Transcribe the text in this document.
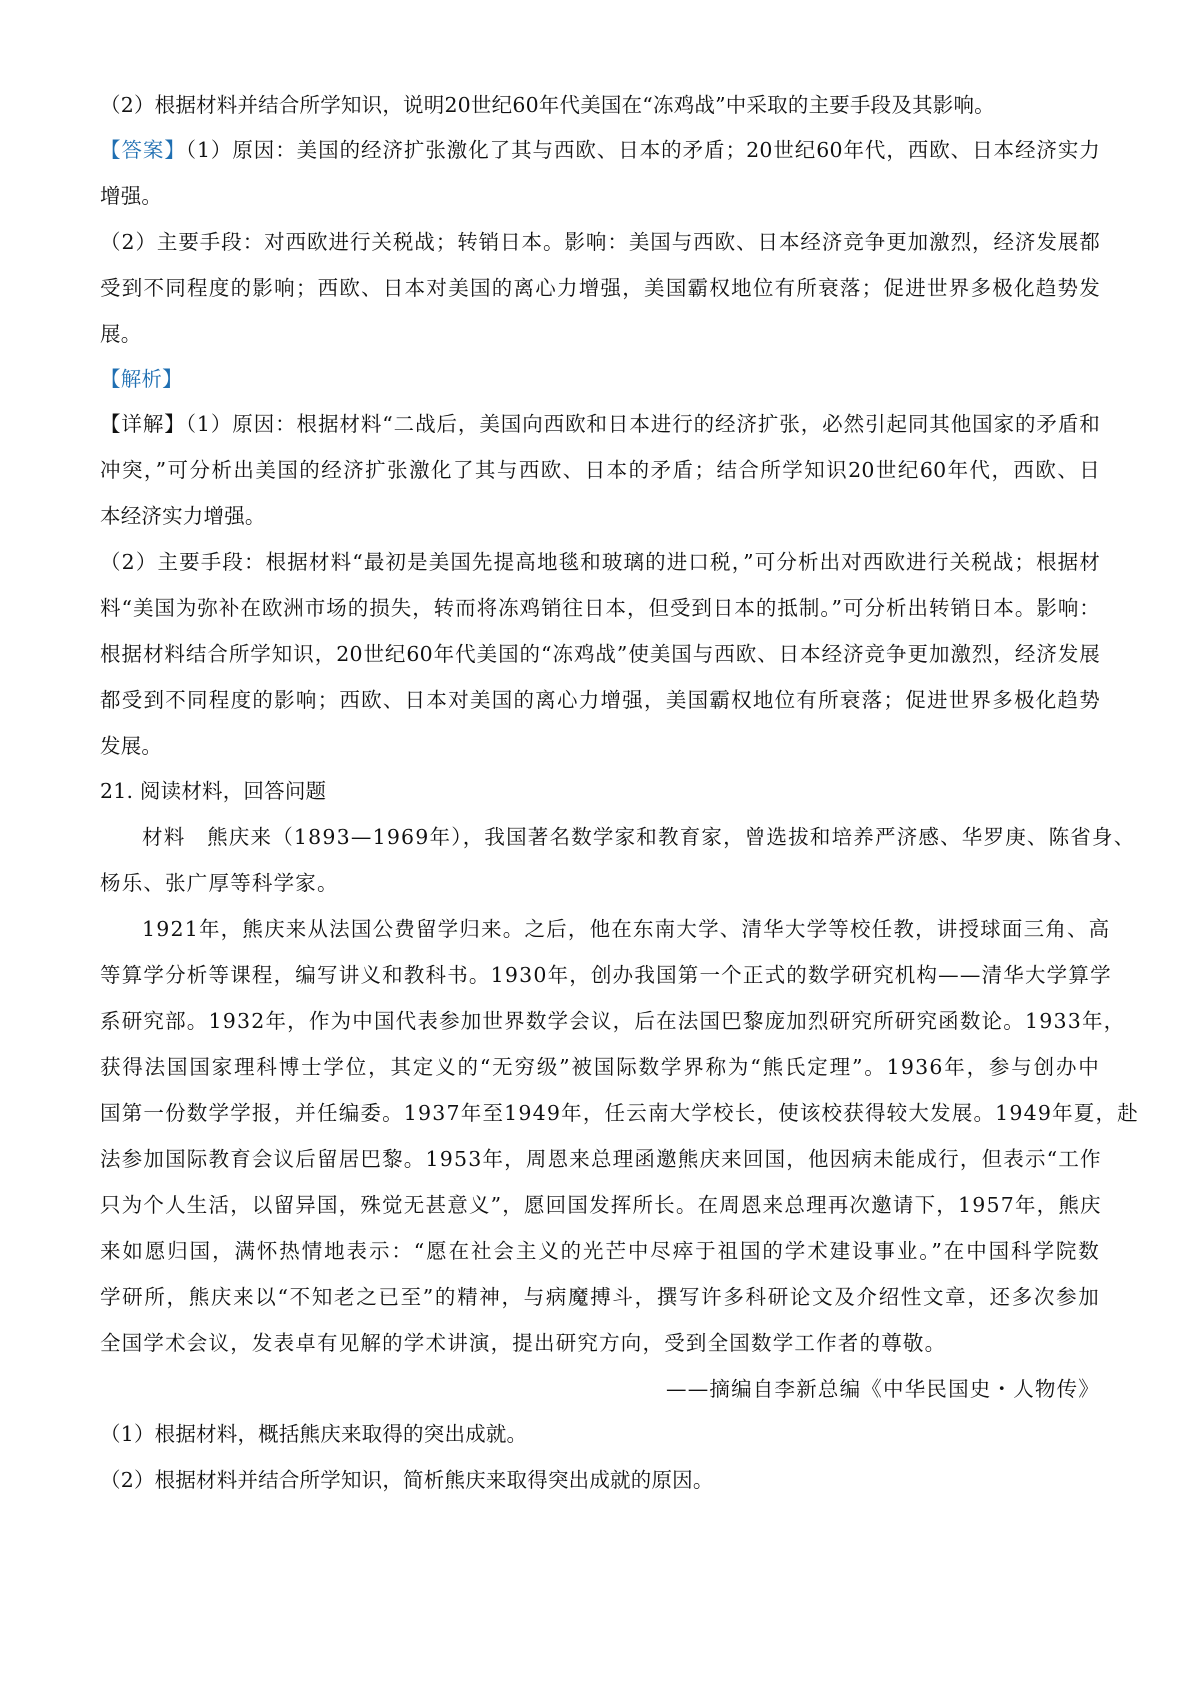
（2）根据材料并结合所学知识，说明20世纪60年代美国在“冻鸡战”中采取的主要手段及其影响。
【答案】（1）原因：美国的经济扩张激化了其与西欧、日本的矛盾；20世纪60年代，西欧、日本经济实力
增强。
（2）主要手段：对西欧进行关税战；转销日本。影响：美国与西欧、日本经济竞争更加激烈，经济发展都
受到不同程度的影响；西欧、日本对美国的离心力增强，美国霸权地位有所衰落；促进世界多极化趋势发
展。
【解析】
【详解】（1）原因：根据材料“二战后，美国向西欧和日本进行的经济扩张，必然引起同其他国家的矛盾和
冲突，”可分析出美国的经济扩张激化了其与西欧、日本的矛盾；结合所学知识20世纪60年代，西欧、日
本经济实力增强。
（2）主要手段：根据材料“最初是美国先提高地毯和玻璃的进口税，”可分析出对西欧进行关税战；根据材
料“美国为弥补在欧洲市场的损失，转而将冻鸡销往日本，但受到日本的抵制。”可分析出转销日本。影响：
根据材料结合所学知识，20世纪60年代美国的“冻鸡战”使美国与西欧、日本经济竞争更加激烈，经济发展
都受到不同程度的影响；西欧、日本对美国的离心力增强，美国霸权地位有所衰落；促进世界多极化趋势
发展。
21. 阅读材料，回答问题
材料　熊庆来（1893—1969年），我国著名数学家和教育家，曾选拔和培养严济感、华罗庚、陈省身、
杨乐、张广厚等科学家。
1921年，熊庆来从法国公费留学归来。之后，他在东南大学、清华大学等校任教，讲授球面三角、高
等算学分析等课程，编写讲义和教科书。1930年，创办我国第一个正式的数学研究机构——清华大学算学
系研究部。1932年，作为中国代表参加世界数学会议，后在法国巴黎庞加烈研究所研究函数论。1933年，
获得法国国家理科博士学位，其定义的“无穷级”被国际数学界称为“熊氏定理”。1936年，参与创办中
国第一份数学学报，并任编委。1937年至1949年，任云南大学校长，使该校获得较大发展。1949年夏，赴
法参加国际教育会议后留居巴黎。1953年，周恩来总理函邀熊庆来回国，他因病未能成行，但表示“工作
只为个人生活，以留异国，殊觉无甚意义”，愿回国发挥所长。在周恩来总理再次邀请下，1957年，熊庆
来如愿归国，满怀热情地表示：“愿在社会主义的光芒中尽瘁于祖国的学术建设事业。”在中国科学院数
学研所，熊庆来以“不知老之已至”的精神，与病魔搏斗，撰写许多科研论文及介绍性文章，还多次参加
全国学术会议，发表卓有见解的学术讲演，提出研究方向，受到全国数学工作者的尊敬。
——摘编自李新总编《中华民国史・人物传》
（1）根据材料，概括熊庆来取得的突出成就。
（2）根据材料并结合所学知识，简析熊庆来取得突出成就的原因。
